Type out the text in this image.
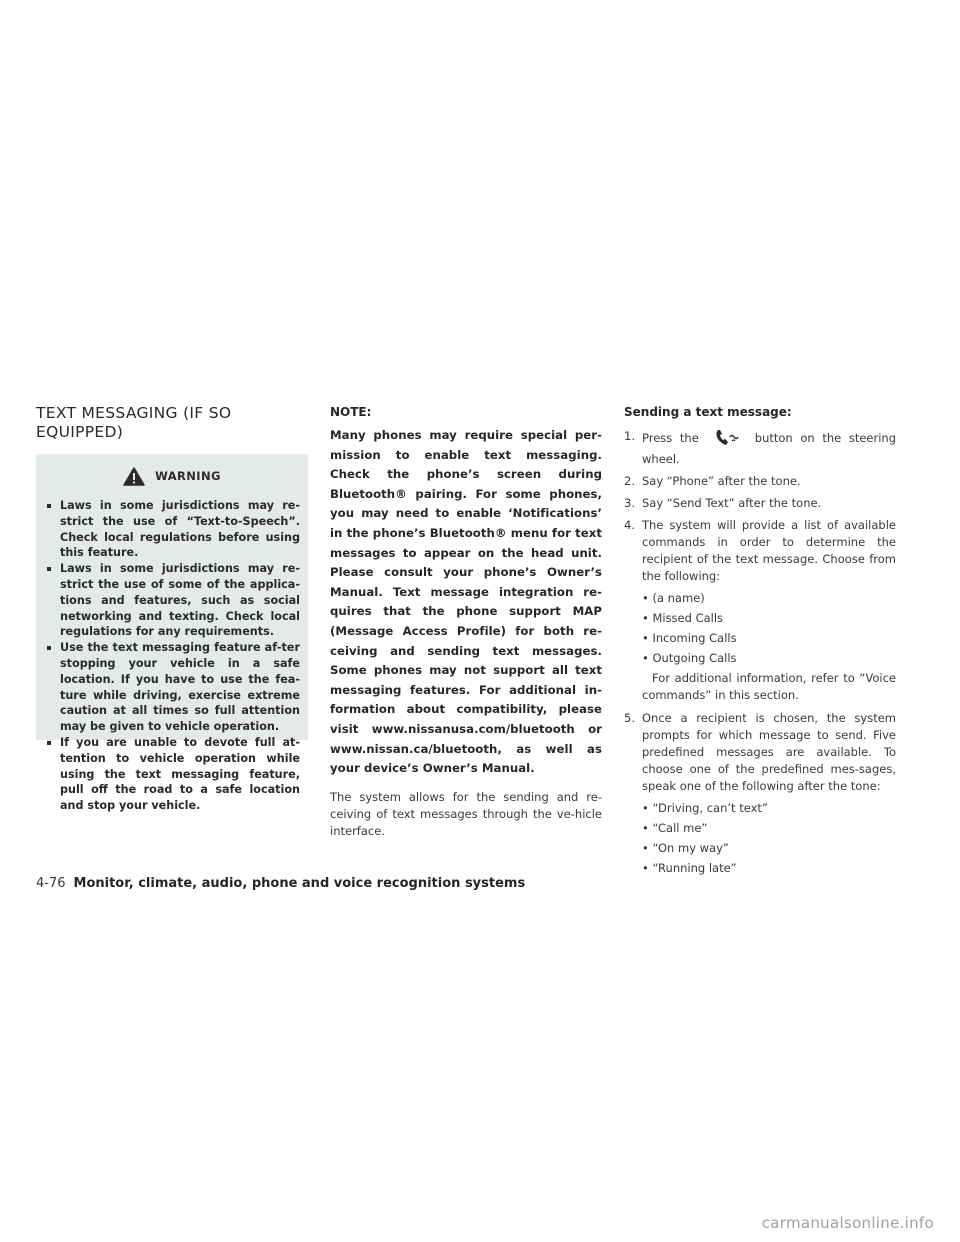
TEXT MESSAGING (IF SO
EQUIPPED)
WARNING
Laws in some jurisdictions may re-strict the use of “Text-to-Speech”. Check local regulations before using this feature.
Laws in some jurisdictions may re-strict the use of some of the applica-tions and features, such as social networking and texting. Check local regulations for any requirements.
Use the text messaging feature af-ter stopping your vehicle in a safe location. If you have to use the fea-ture while driving, exercise extreme caution at all times so full attention may be given to vehicle operation.
If you are unable to devote full at-tention to vehicle operation while using the text messaging feature, pull off the road to a safe location and stop your vehicle.

NOTE:

Many phones may require special per-mission to enable text messaging. Check the phone’s screen during Bluetooth® pairing. For some phones, you may need to enable ‘Notifications’ in the phone’s Bluetooth® menu for text messages to appear on the head unit. Please consult your phone’s Owner’s Manual. Text message integration re-quires that the phone support MAP (Message Access Profile) for both re-ceiving and sending text messages. Some phones may not support all text messaging features. For additional in-formation about compatibility, please visit www.nissanusa.com/bluetooth or www.nissan.ca/bluetooth, as well as your device’s Owner’s Manual.

The system allows for the sending and re-ceiving of text messages through the ve-hicle interface.

Sending a text message:

1. Press the	button on the steering wheel.

2. Say “Phone” after the tone.

3. Say “Send Text” after the tone.

4. The system will provide a list of available commands in order to determine the recipient of the text message. Choose from the following:

• (a name)

• Missed Calls

• Incoming Calls

• Outgoing Calls

For additional information, refer to “Voice commands” in this section.

5. Once a recipient is chosen, the system prompts for which message to send. Five predefined messages are available. To choose one of the predefined mes-sages, speak one of the following after the tone:

• “Driving, can’t text”

• “Call me”

• “On my way”

• “Running late”

4-76 Monitor, climate, audio, phone and voice recognition systems
carmanualsonline.info
